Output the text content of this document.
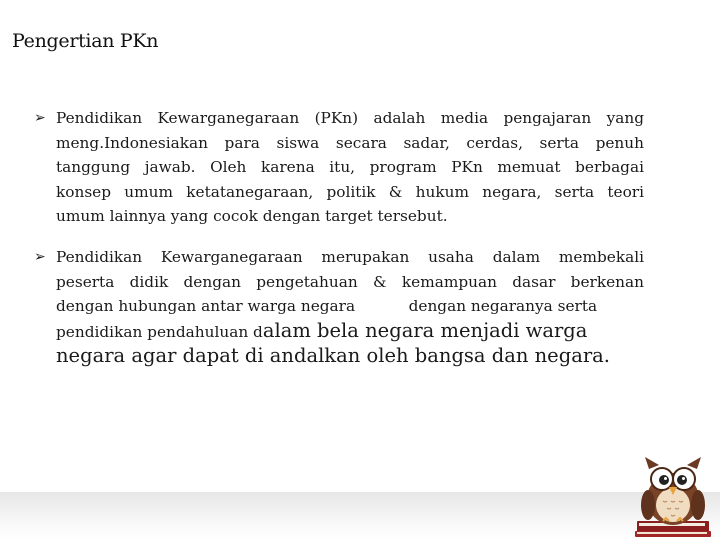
Pengertian PKn
➢ Pendidikan Kewarganegaraan (PKn) adalah media pengajaran yang
meng.Indonesiakan para siswa secara sadar, cerdas, serta penuh
tanggung jawab. Oleh karena itu, program PKn memuat berbagai
konsep umum ketatanegaraan, politik & hukum negara, serta teori
umum lainnya yang cocok dengan target tersebut.
➢ Pendidikan Kewarganegaraan merupakan usaha dalam membekali
peserta didik dengan pengetahuan & kemampuan dasar berkenan
dengan hubungan antar warga negara           dengan negaranya serta
pendidikan pendahuluan dalam bela negara menjadi warga
negara agar dapat di andalkan oleh bangsa dan negara.
